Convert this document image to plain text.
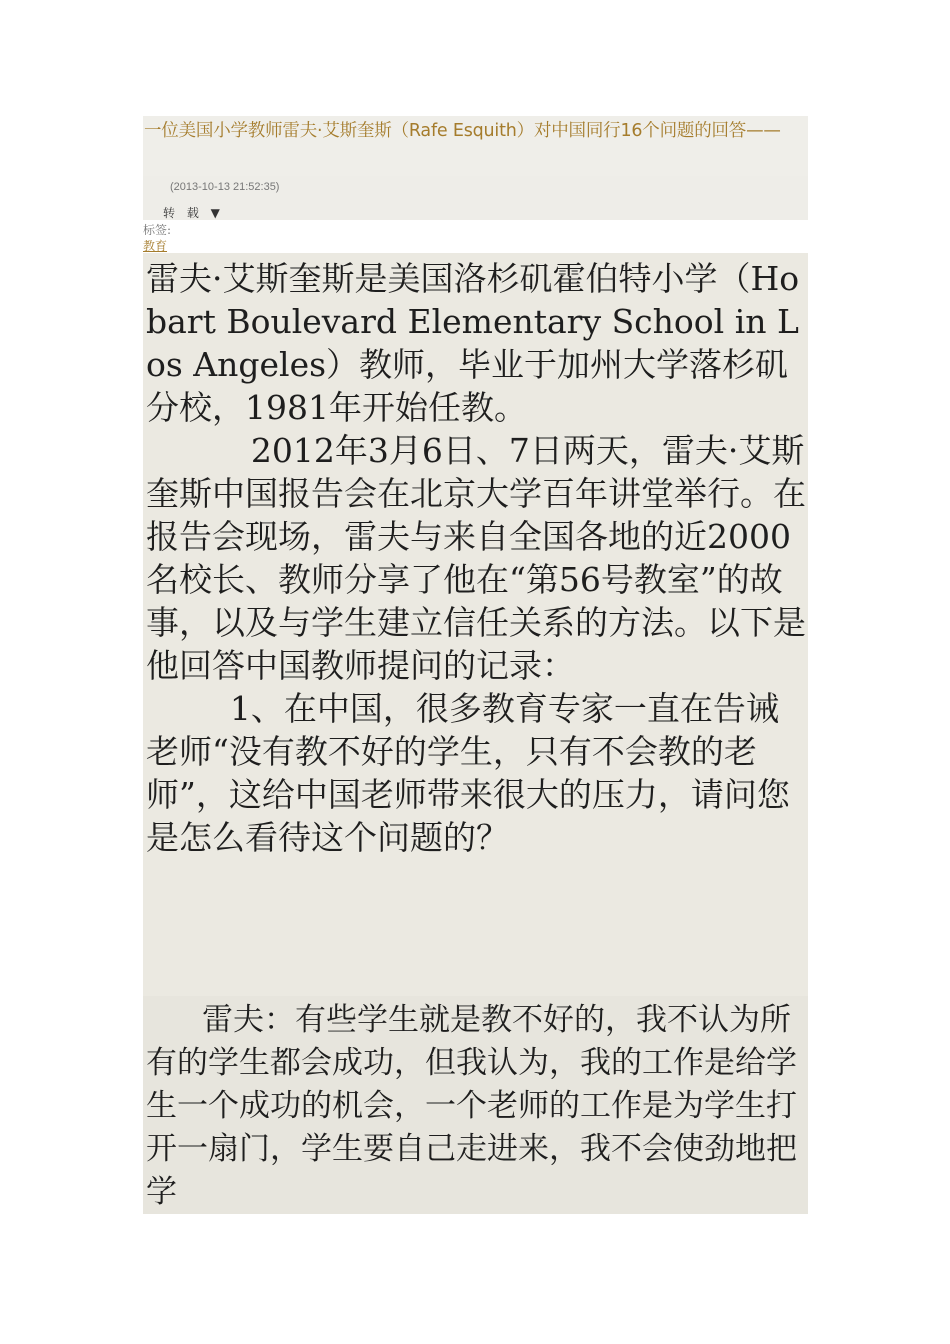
一位美国小学教师雷夫·艾斯奎斯（Rafe Esquith）对中国同行16个问题的回答——
(2013-10-13 21:52:35)
转 载 ▼
标签:
教育

雷夫·艾斯奎斯是美国洛杉矶霍伯特小学（Hobart Boulevard Elementary School in Los Angeles）教师，毕业于加州大学落杉矶分校，1981年开始任教。

2012年3月6日、7日两天，雷夫·艾斯奎斯中国报告会在北京大学百年讲堂举行。在报告会现场，雷夫与来自全国各地的近2000名校长、教师分享了他在“第56号教室”的故事，以及与学生建立信任关系的方法。以下是他回答中国教师提问的记录：

1、在中国，很多教育专家一直在告诫老师“没有教不好的学生，只有不会教的老师”，这给中国老师带来很大的压力，请问您是怎么看待这个问题的？

雷夫：有些学生就是教不好的，我不认为所有的学生都会成功，但我认为，我的工作是给学生一个成功的机会，一个老师的工作是为学生打开一扇门，学生要自己走进来，我不会使劲地把学
